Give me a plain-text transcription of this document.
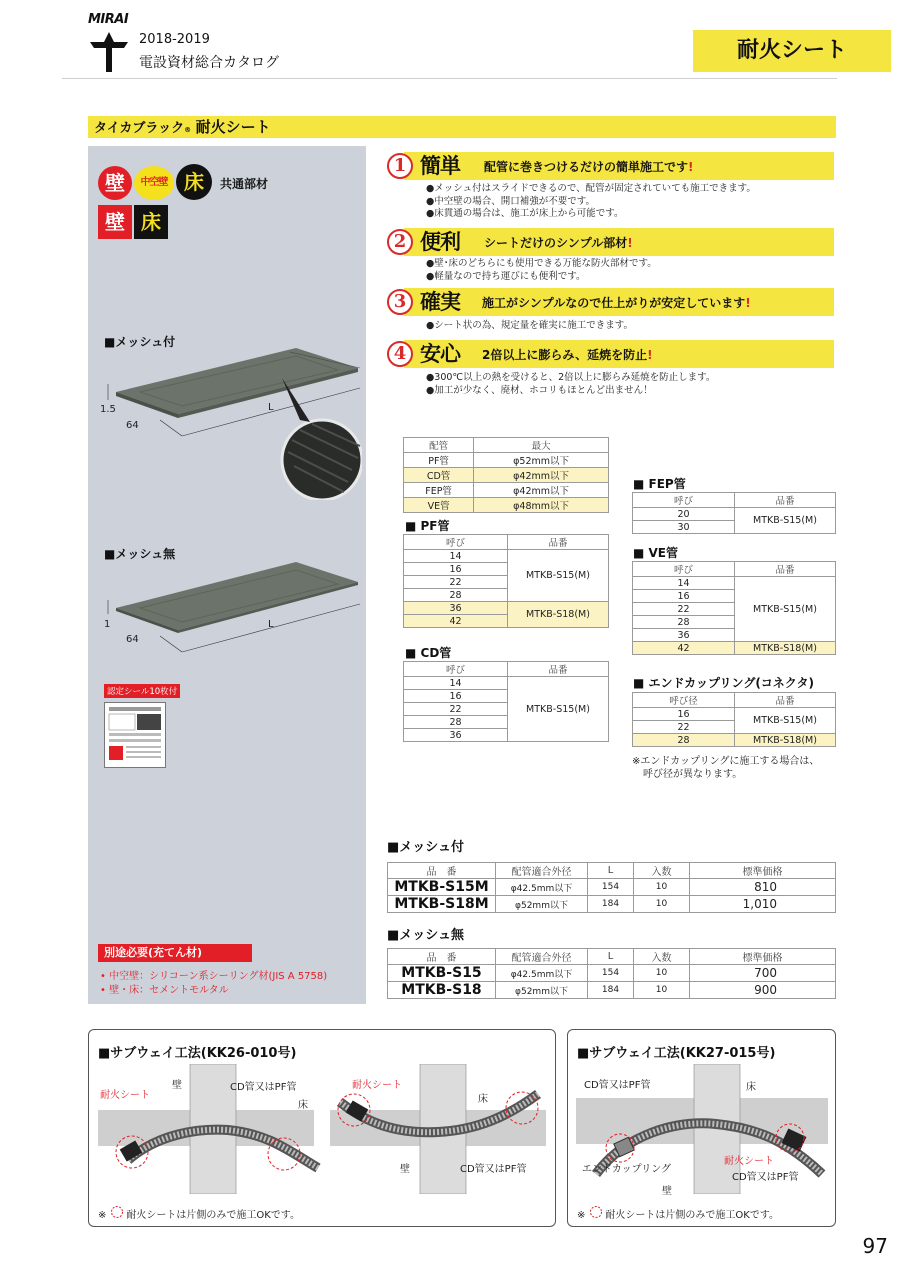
MIRAI
2018-2019
電設資材総合カタログ	耐火シート
タイカブラック® 耐火シート
壁	中空壁 床	共通部材
壁 床
■メッシュ付
1.5
64
L
■メッシュ無
1
64
L
認定シール10枚付
別途必要(充てん材)
• 中空壁：シリコーン系シーリング材(JIS A 5758)
• 壁・床：セメントモルタル
1 簡単 配管に巻きつけるだけの簡単施工です!
●メッシュ付はスライドできるので、配管が固定されていても施工できます。
●中空壁の場合、開口補強が不要です。
●床貫通の場合は、施工が床上から可能です。
2 便利 シートだけのシンプル部材!
●壁･床のどちらにも使用できる万能な防火部材です。
●軽量なので持ち運びにも便利です。
3 確実 施工がシンプルなので仕上がりが安定しています!
●シート状の為、規定量を確実に施工できます。
4 安心 2倍以上に膨らみ、延焼を防止!
●300℃以上の熱を受けると、2倍以上に膨らみ延焼を防止します。
●加工が少なく、廃材、ホコリもほとんど出ません！
配管	最大
PF管	φ52mm以下
CD管	φ42mm以下
FEP管	φ42mm以下
VE管	φ48mm以下
■ PF管
呼び	品番
14	MTKB-S15(M)
16	
22	
28	
36	MTKB-S18(M)
42	
■ CD管
呼び	品番
14	MTKB-S15(M)
16	
22	
28	
36	
■ FEP管
呼び	品番
20	MTKB-S15(M)
30	
■ VE管
呼び	品番
14	MTKB-S15(M)
16	
22	
28	
36	
42	MTKB-S18(M)
■ エンドカップリング(コネクタ)
呼び径	品番
16	MTKB-S15(M)
22	
28	MTKB-S18(M)
※エンドカップリングに施工する場合は、
呼び径が異なります。
■メッシュ付
品　番	配管適合外径	L	入数	標準価格
MTKB-S15M	φ42.5mm以下	154	10	810
MTKB-S18M	φ52mm以下	184	10	1,010
■メッシュ無
品　番	配管適合外径	L	入数	標準価格
MTKB-S15	φ42.5mm以下	154	10	700
MTKB-S18	φ52mm以下	184	10	900
■サブウェイ工法(KK26-010号)
耐火シート
壁	CD管又はPF管
床
耐火シート
床
壁	CD管又はPF管
※　　耐火シートは片側のみで施工OKです。
■サブウェイ工法(KK27-015号)
CD管又はPF管	床
エンドカップリング
耐火シート
CD管又はPF管
壁
※　　耐火シートは片側のみで施工OKです。
97
